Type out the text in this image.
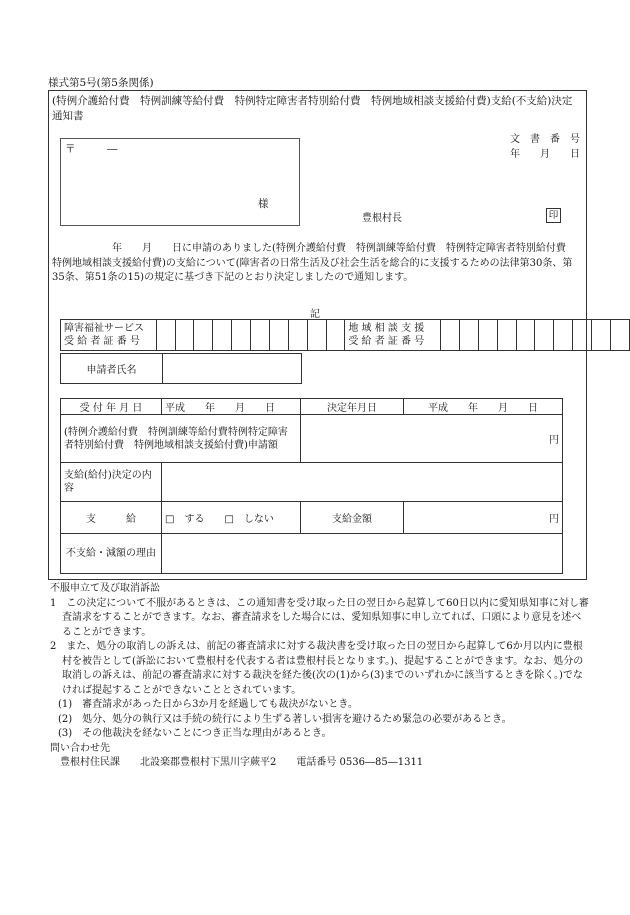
様式第5号(第5条関係)
(特例介護給付費　特例訓練等給付費　特例特定障害者特別給付費　特例地域相談支援給付費)支給(不支給)決定通知書
文　書　番　号
年　　月　　日
〒　　　―
様
豊根村長	印
　　　　　　年　　月　　日に申請のありました(特例介護給付費　特例訓練等給付費　特例特定障害者特別給付費　特例地域相談支援給付費)の支給について(障害者の日常生活及び社会生活を総合的に支援するための法律第30条、第35条、第51条の15)の規定に基づき下記のとおり決定しましたので通知します。
記
障害福祉サービス
受 給 者 証 番 号

地 域 相 談 支 援
受 給 者 証 番 号

申請者氏名	
受 付 年 月 日	平成　　年　　月　　日	決定年月日	平成　　年　　月　　日
(特例介護給付費　特例訓練等給付費特例特定障害者特別給付費　特例地域相談支援給付費)申請額		円	
支給(給付)決定の内容			
支　　　給	□　する　　□　しない	支給金額	円
不支給・減額の理由			
不服申立て及び取消訴訟
1　この決定について不服があるときは、この通知書を受け取った日の翌日から起算して60日以内に愛知県知事に対し審査請求をすることができます。なお、審査請求をした場合には、愛知県知事に申し立てれば、口頭により意見を述べることができます。
2　また、処分の取消しの訴えは、前記の審査請求に対する裁決書を受け取った日の翌日から起算して6か月以内に豊根村を被告として(訴訟において豊根村を代表する者は豊根村長となります。)、提起することができます。なお、処分の取消しの訴えは、前記の審査請求に対する裁決を経た後(次の(1)から(3)までのいずれかに該当するときを除く。)でなければ提起することができないこととされています。
(1)　審査請求があった日から3か月を経過しても裁決がないとき。
(2)　処分、処分の執行又は手続の続行により生ずる著しい損害を避けるため緊急の必要があるとき。
(3)　その他裁決を経ないことにつき正当な理由があるとき。
問い合わせ先
　豊根村住民課　　北設楽郡豊根村下黒川字蕨平2　　電話番号 0536―85―1311
